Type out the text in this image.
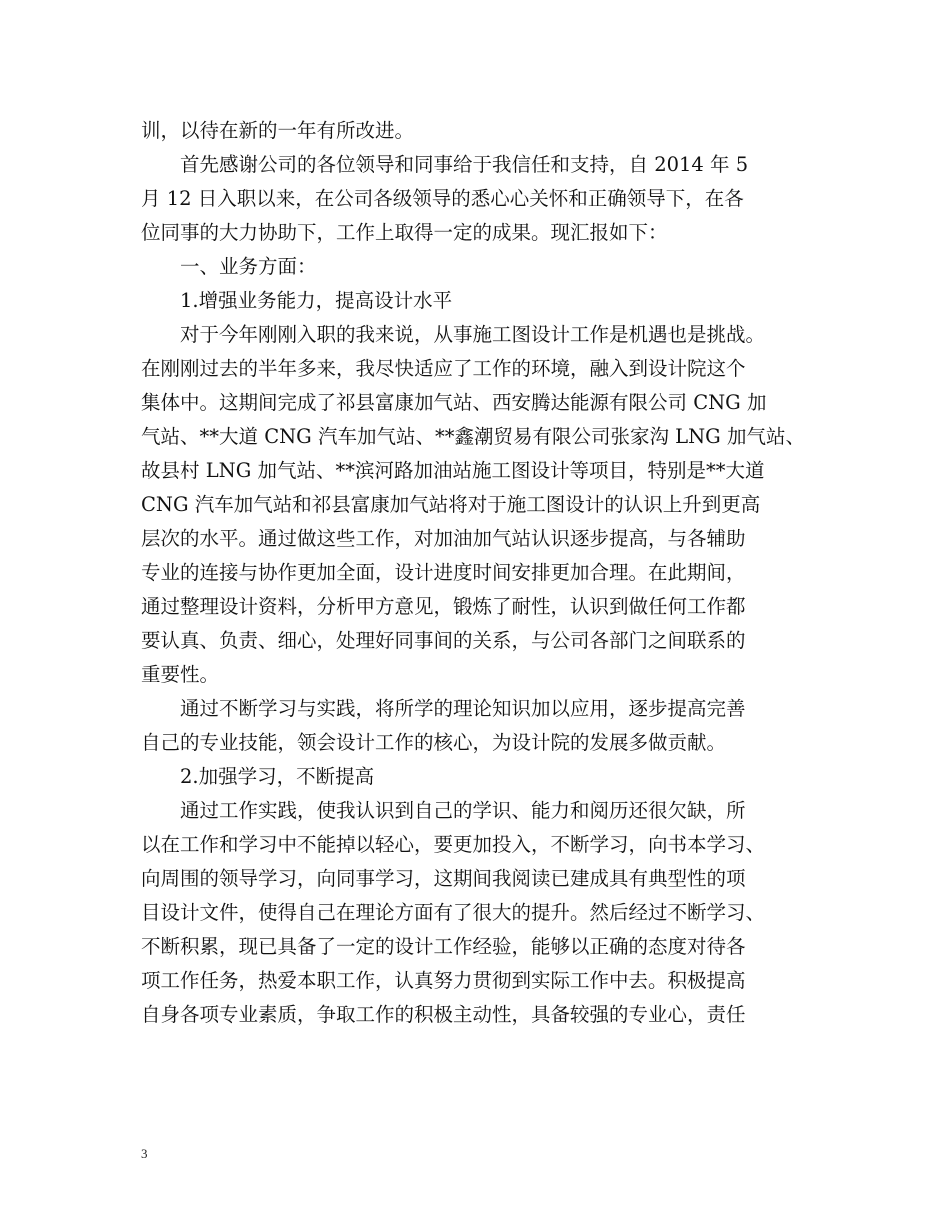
训，以待在新的一年有所改进。
首先感谢公司的各位领导和同事给于我信任和支持，自 2014 年 5
月 12 日入职以来，在公司各级领导的悉心心关怀和正确领导下，在各
位同事的大力协助下，工作上取得一定的成果。现汇报如下：
一、业务方面：
1.增强业务能力，提高设计水平
对于今年刚刚入职的我来说，从事施工图设计工作是机遇也是挑战。
在刚刚过去的半年多来，我尽快适应了工作的环境，融入到设计院这个
集体中。这期间完成了祁县富康加气站、西安腾达能源有限公司 CNG 加
气站、**大道 CNG 汽车加气站、**鑫潮贸易有限公司张家沟 LNG 加气站、
故县村 LNG 加气站、**滨河路加油站施工图设计等项目，特别是**大道
CNG 汽车加气站和祁县富康加气站将对于施工图设计的认识上升到更高
层次的水平。通过做这些工作，对加油加气站认识逐步提高，与各辅助
专业的连接与协作更加全面，设计进度时间安排更加合理。在此期间，
通过整理设计资料，分析甲方意见，锻炼了耐性，认识到做任何工作都
要认真、负责、细心，处理好同事间的关系，与公司各部门之间联系的
重要性。
通过不断学习与实践，将所学的理论知识加以应用，逐步提高完善
自己的专业技能，领会设计工作的核心，为设计院的发展多做贡献。
2.加强学习，不断提高
通过工作实践，使我认识到自己的学识、能力和阅历还很欠缺，所
以在工作和学习中不能掉以轻心，要更加投入，不断学习，向书本学习、
向周围的领导学习，向同事学习，这期间我阅读已建成具有典型性的项
目设计文件，使得自己在理论方面有了很大的提升。然后经过不断学习、
不断积累，现已具备了一定的设计工作经验，能够以正确的态度对待各
项工作任务，热爱本职工作，认真努力贯彻到实际工作中去。积极提高
自身各项专业素质，争取工作的积极主动性，具备较强的专业心，责任
3
